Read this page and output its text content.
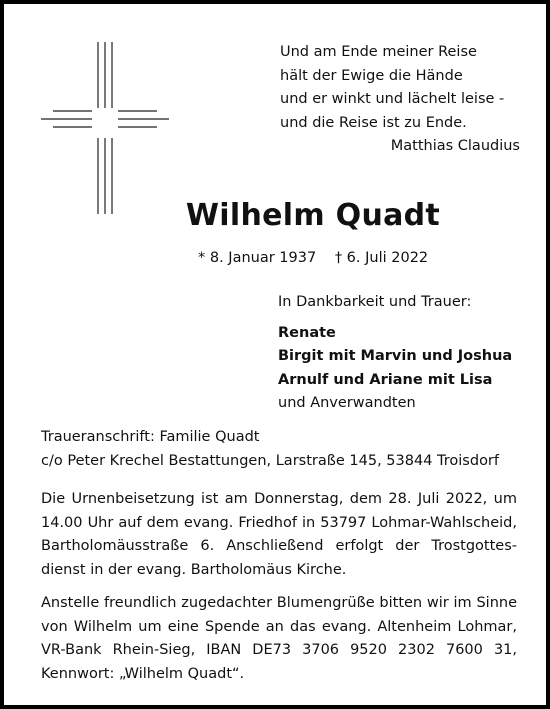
Und am Ende meiner Reise
hält der Ewige die Hände
und er winkt und lächelt leise -
und die Reise ist zu Ende.
Matthias Claudius
Wilhelm Quadt
* 8. Januar 1937 † 6. Juli 2022
In Dankbarkeit und Trauer:
Renate
Birgit mit Marvin und Joshua
Arnulf und Ariane mit Lisa
und Anverwandten
Traueranschrift: Familie Quadt
c/o Peter Krechel Bestattungen, Larstraße 145, 53844 Troisdorf
Die Urnenbeisetzung ist am Donnerstag, dem 28. Juli 2022, um
14.00 Uhr auf dem evang. Friedhof in 53797 Lohmar-Wahlscheid,
Bartholomäusstraße 6. Anschließend erfolgt der Trostgottes-
dienst in der evang. Bartholomäus Kirche.
Anstelle freundlich zugedachter Blumengrüße bitten wir im Sinne
von Wilhelm um eine Spende an das evang. Altenheim Lohmar,
VR-Bank Rhein-Sieg, IBAN DE73 3706 9520 2302 7600 31,
Kennwort: „Wilhelm Quadt“.
